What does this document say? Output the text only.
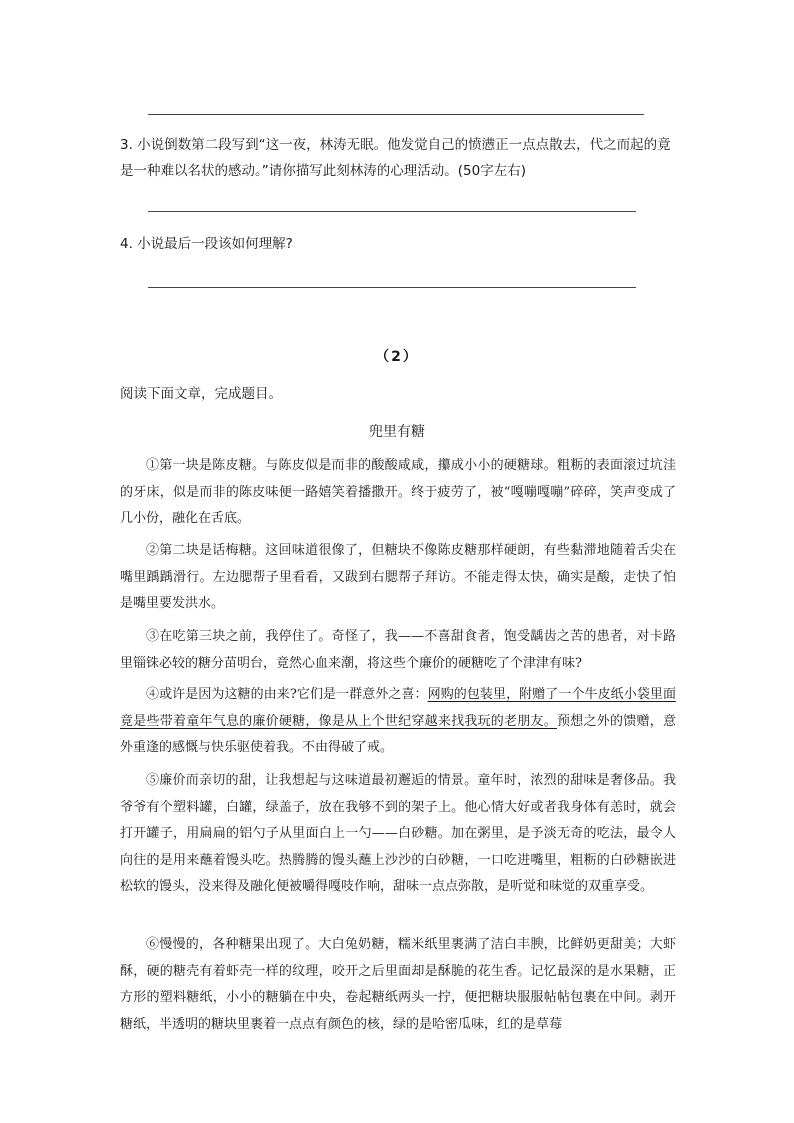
3. 小说倒数第二段写到“这一夜，林涛无眠。他发觉自己的愤懑正一点点散去，代之而起的竟是一种难以名状的感动。”请你描写此刻林涛的心理活动。(50字左右)
4. 小说最后一段该如何理解?
（2）
阅读下面文章，完成题目。
兜里有糖
①第一块是陈皮糖。与陈皮似是而非的酸酸咸咸，攥成小小的硬糖球。粗粝的表面滚过坑洼的牙床，似是而非的陈皮味便一路嬉笑着播撒开。终于疲劳了，被“嘎嘣嘎嘣”碎碎，笑声变成了几小份，融化在舌底。
②第二块是话梅糖。这回味道很像了，但糖块不像陈皮糖那样硬朗，有些黏滞地随着舌尖在嘴里踽踽滑行。左边腮帮子里看看，又跋到右腮帮子拜访。不能走得太快，确实是酸，走快了怕是嘴里要发洪水。
③在吃第三块之前，我停住了。奇怪了，我——不喜甜食者，饱受龋齿之苦的患者，对卡路里锱铢必较的糖分苗明台，竟然心血来潮，将这些个廉价的硬糖吃了个津津有味?
④或许是因为这糖的由来?它们是一群意外之喜：网购的包装里，附赠了一个牛皮纸小袋里面竟是些带着童年气息的廉价硬糖，像是从上个世纪穿越来找我玩的老朋友。预想之外的馈赠，意外重逢的感慨与快乐驱使着我。不由得破了戒。
⑤廉价而亲切的甜，让我想起与这味道最初邂逅的情景。童年时，浓烈的甜味是奢侈品。我爷爷有个塑料罐，白罐，绿盖子，放在我够不到的架子上。他心情大好或者我身体有恙时，就会打开罐子，用扁扁的铝勺子从里面白上一勺——白砂糖。加在粥里，是予淡无奇的吃法，最令人向往的是用来蘸着馒头吃。热腾腾的馒头蘸上沙沙的白砂糖，一口吃进嘴里，粗粝的白砂糖嵌进松软的馒头，没来得及融化便被嚼得嘎吱作响，甜味一点点弥散，是听觉和味觉的双重享受。
⑥慢慢的，各种糖果出现了。大白兔奶糖，糯米纸里裹满了洁白丰腴，比鲜奶更甜美；大虾酥，硬的糖壳有着虾壳一样的纹理，咬开之后里面却是酥脆的花生香。记忆最深的是水果糖，正方形的塑料糖纸，小小的糖躺在中央，卷起糖纸两头一拧，便把糖块服服帖帖包裹在中间。剥开糖纸，半透明的糖块里裹着一点点有颜色的核，绿的是哈密瓜味，红的是草莓
